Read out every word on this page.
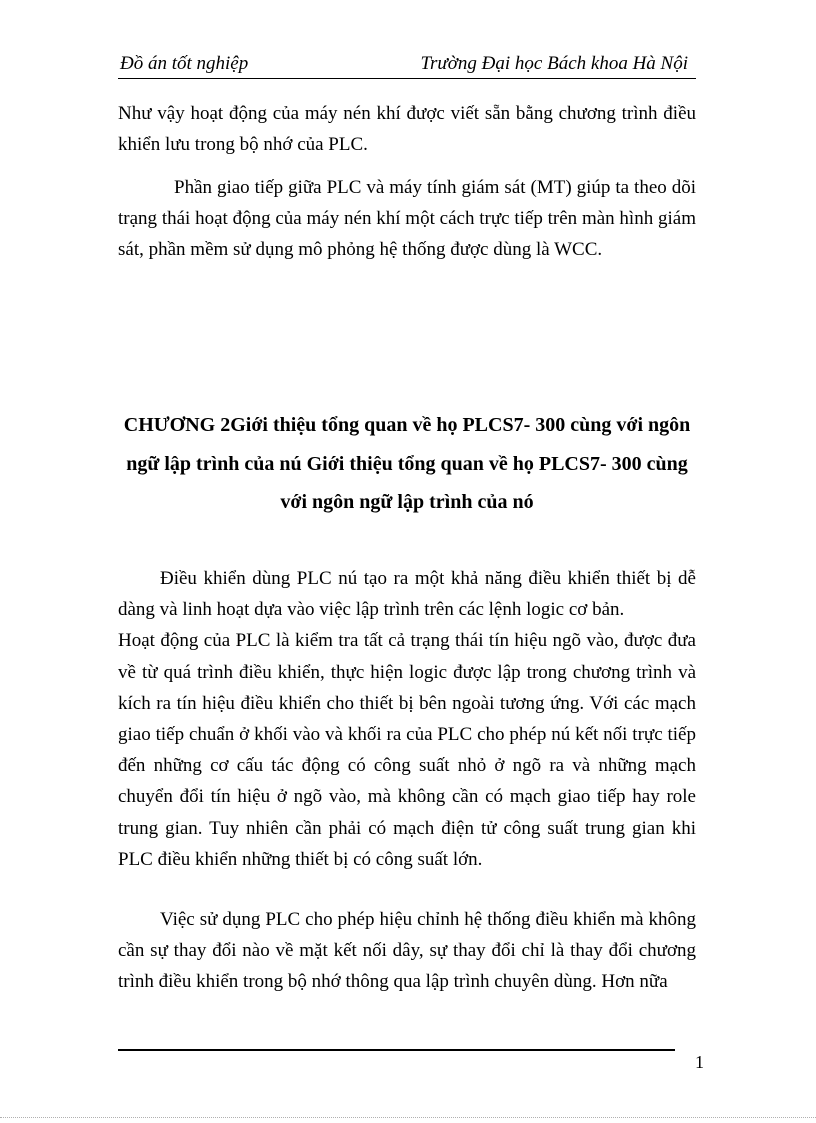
Đồ án tốt nghiệp	Trường Đại học Bách khoa Hà Nội

Như vậy hoạt động của máy nén khí được viết sẵn bằng chương trình điều khiển lưu trong bộ nhớ của PLC.

Phần giao tiếp giữa PLC và máy tính giám sát (MT) giúp ta theo dõi trạng thái hoạt động của máy nén khí một cách trực tiếp trên màn hình giám sát, phần mềm sử dụng mô phỏng hệ thống được dùng là WCC.

CHƯƠNG 2Giới thiệu tổng quan về họ PLCS7- 300 cùng với ngôn ngữ lập trình của nú Giới thiệu tổng quan về họ PLCS7- 300 cùng với ngôn ngữ lập trình của nó

Điều khiển dùng PLC nú tạo ra một khả năng điều khiển thiết bị dễ dàng và linh hoạt dựa vào việc lập trình trên các lệnh logic cơ bản.

Hoạt động của PLC là kiểm tra tất cả trạng thái tín hiệu ngõ vào, được đưa về từ quá trình điều khiển, thực hiện logic được lập trong chương trình và kích ra tín hiệu điều khiển cho thiết bị bên ngoài tương ứng. Với các mạch giao tiếp chuẩn ở khối vào và khối ra của PLC cho phép nú kết nối trực tiếp đến những cơ cấu tác động có công suất nhỏ ở ngõ ra và những mạch chuyển đổi tín hiệu ở ngõ vào, mà không cần có mạch giao tiếp hay role trung gian. Tuy nhiên cần phải có mạch điện tử công suất trung gian khi PLC điều khiển những thiết bị có công suất lớn.

Việc sử dụng PLC cho phép hiệu chỉnh hệ thống điều khiển mà không cần sự thay đổi nào về mặt kết nối dây, sự thay đổi chỉ là thay đổi chương trình điều khiển trong bộ nhớ thông qua lập trình chuyên dùng. Hơn nữa

1
